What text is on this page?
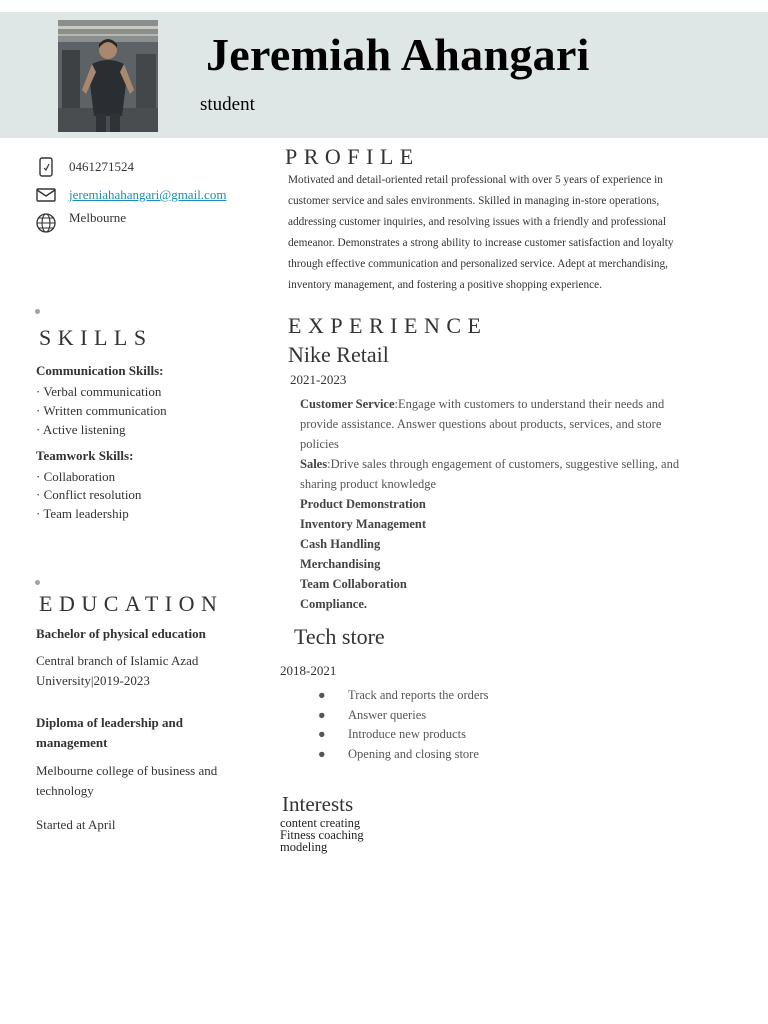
Jeremiah Ahangari
student
0461271524
jeremiahahangari@gmail.com
Melbourne
SKILLS
Communication Skills:
· Verbal communication
· Written communication
· Active listening
Teamwork Skills:
· Collaboration
· Conflict resolution
· Team leadership
EDUCATION
Bachelor of physical education
Central branch of Islamic Azad University|2019-2023
Diploma of leadership and management
Melbourne college of business and technology
Started at April
PROFILE
Motivated and detail-oriented retail professional with over 5 years of experience in customer service and sales environments. Skilled in managing in-store operations, addressing customer inquiries, and resolving issues with a friendly and professional demeanor. Demonstrates a strong ability to increase customer satisfaction and loyalty through effective communication and personalized service. Adept at merchandising, inventory management, and fostering a positive shopping experience.
EXPERIENCE
Nike Retail
2021-2023
Customer Service:Engage with customers to understand their needs and provide assistance. Answer questions about products, services, and store policies
Sales:Drive sales through engagement of customers, suggestive selling, and sharing product knowledge
Product Demonstration
Inventory Management
Cash Handling
Merchandising
Team Collaboration
Compliance.
Tech store
2018-2021
● Track and reports the orders
● Answer queries
● Introduce new products
● Opening and closing store
Interests
content creating
Fitness coaching
modeling
